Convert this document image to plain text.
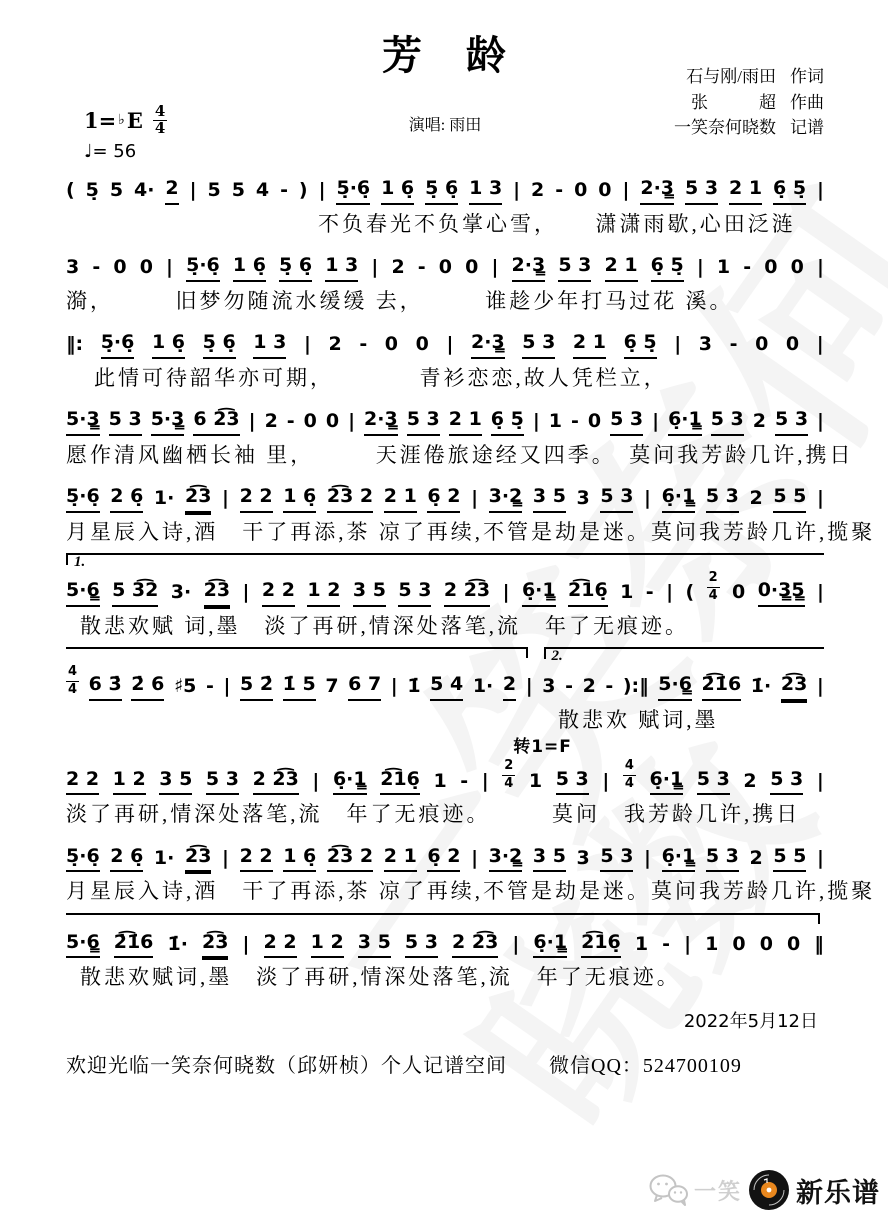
芳　龄	石与刚/雨田 作词
张　　　超 作曲
一笑奈何晓数 记谱
1= ♭ E $\frac{4}{4}$
♩= 56
演唱: 雨田
( 5̣ 5 4· 2 | 5 5 4 - ) | 5̣·6̣ 1 6̣ 5̣ 6̣ 1 3 | 2 - 0 0 | 2·3̳ 5 3 2 1 6̣ 5̣ |
不负春光不负掌心雪，　　潇潇雨歇,心田泛涟
3 - 0 0 | 5̣·6̣ 1 6̣ 5̣ 6̣ 1 3 | 2 - 0 0 | 2·3̳ 5 3 2 1 6̣ 5̣ | 1 - 0 0 |
漪，　　　旧梦勿随流水缓缓 去，　　　谁趁少年打马过花 溪。
‖: 5̣·6̣ 1 6̣ 5̣ 6̣ 1 3 | 2 - 0 0 | 2·3̳ 5 3 2 1 6̣ 5̣ | 3 - 0 0 |
此情可待韶华亦可期，　　　　青衫恋恋,故人凭栏立，
5·3̳ 5 3 5·3̳ 6 2͡3 | 2 - 0 0 | 2·3̳ 5 3 2 1 6̣ 5̣ | 1 - 0 5 3 | 6̣·1̳ 5 3 2 5 3 |
愿作清风幽栖长袖 里，　　　天涯倦旅途经又四季。　莫问我芳龄几许,携日
5̣·6̣ 2 6̣ 1· 2͡3 | 2 2 1 6̣ 2͡3 2 2 1 6̣ 2 | 3·2̳ 3 5 3 5 3 | 6̣·1̳ 5 3 2 5 5 |
月星辰入诗,酒　干了再添,茶 凉了再续,不管是劫是迷。莫问我芳龄几许,揽聚
1.
5·6̳ 5 3͡2 3· 2͡3 | 2 2 1 2 3 5 5 3 2 2͡3 | 6̣·1̳ 2͡16̣ 1 - | ( $\frac{2}{4} 0$ 0·3̳5̳ |
散悲欢赋 词,墨　淡了再研,情深处落笔,流　年了无痕迹。
2.
$\frac{4}{4} 6$ 3̇ 2̇ 6 ♯5 - | 5 2̇ 1̇ 5 7 6 7 | 1̇ 5 4 1· 2 | 3 - 2 - ):‖ 5·6̳ 2̇͡1̇6 1̇· 2͡3 |
散悲欢 赋词,墨
转1=F
2 2 1 2 3 5 5 3 2 2͡3 | 6̣·1̳ 2͡16̣ 1 - | $\frac{2}{4} 1$ 5 3 | $\frac{4}{4}$ 6̣·1̳ 5 3 2 5 3 |
淡了再研,情深处落笔,流　年了无痕迹。　　　莫问　我芳龄几许,携日
5̣·6̣ 2 6̣ 1· 2͡3 | 2 2 1 6̣ 2͡3 2 2 1 6̣ 2 | 3·2̳ 3 5 3 5 3 | 6̣·1̳ 5 3 2 5 5 |
月星辰入诗,酒　干了再添,茶 凉了再续,不管是劫是迷。莫问我芳龄几许,揽聚
5·6̳ 2̇͡1̇6 1̇· 2͡3 | 2 2 1 2 3 5 5 3 2 2͡3 | 6̣·1̳ 2͡16̣ 1 - | 1 0 0 0 ‖
散悲欢赋词,墨　淡了再研,情深处落笔,流　年了无痕迹。
2022年5月12日
欢迎光临一笑奈何晓数（邱妍桢）个人记谱空间　　微信QQ：524700109
一笑 新乐谱
